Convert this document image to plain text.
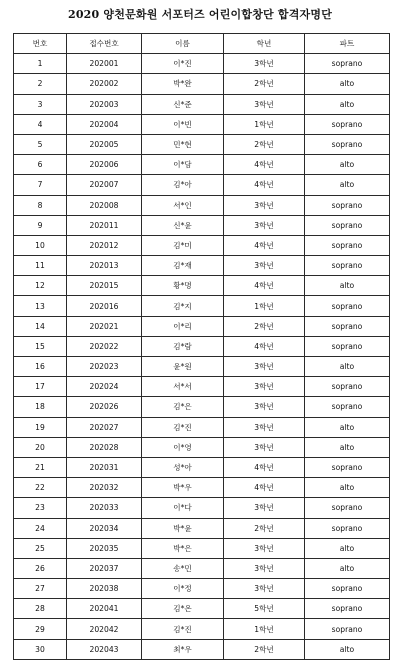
2020 양천문화원 서포터즈 어린이합창단 합격자명단
번호	접수번호	이름	학년	파트
1	202001	이*진	3학년	soprano
2	202002	박*완	2학년	alto
3	202003	신*준	3학년	alto
4	202004	이*빈	1학년	soprano
5	202005	민*현	2학년	soprano
6	202006	이*담	4학년	alto
7	202007	김*아	4학년	alto
8	202008	서*인	3학년	soprano
9	202011	신*윤	3학년	soprano
10	202012	김*미	4학년	soprano
11	202013	김*재	3학년	soprano
12	202015	황*명	4학년	alto
13	202016	김*지	1학년	soprano
14	202021	이*리	2학년	soprano
15	202022	김*람	4학년	soprano
16	202023	윤*원	3학년	alto
17	202024	서*서	3학년	soprano
18	202026	김*은	3학년	soprano
19	202027	김*진	3학년	alto
20	202028	이*영	3학년	alto
21	202031	성*아	4학년	soprano
22	202032	박*우	4학년	alto
23	202033	이*다	3학년	soprano
24	202034	박*윤	2학년	soprano
25	202035	박*은	3학년	alto
26	202037	송*민	3학년	alto
27	202038	이*정	3학년	soprano
28	202041	김*온	5학년	soprano
29	202042	김*진	1학년	soprano
30	202043	최*우	2학년	alto
